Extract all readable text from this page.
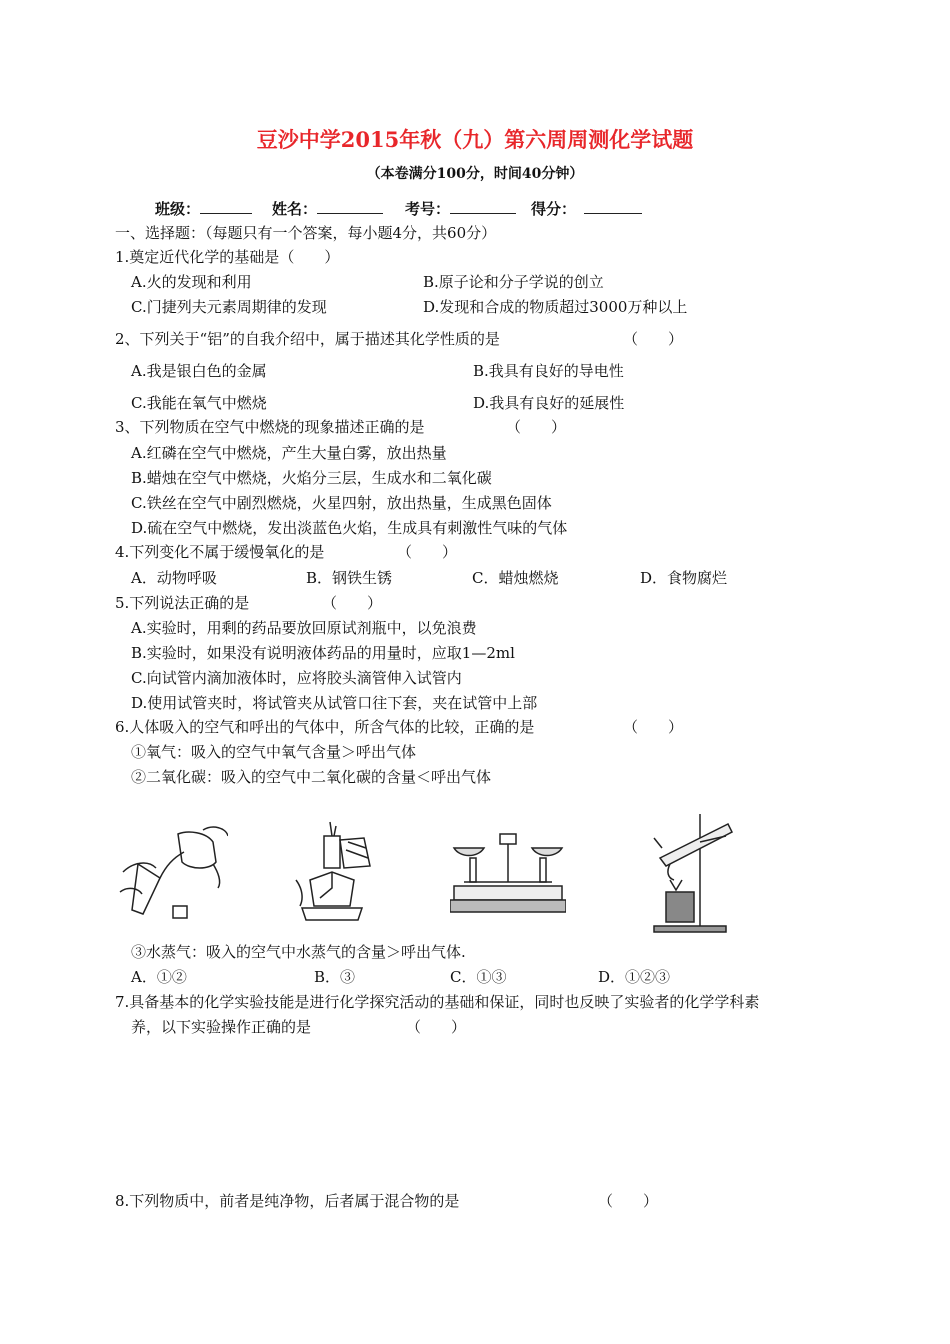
豆沙中学2015年秋（九）第六周周测化学试题
（本卷满分100分，时间40分钟）
班级：	姓名：	考号：	得分：
一、选择题：（每题只有一个答案，每小题4分，共60分）
1.奠定近代化学的基础是（　　）
A.火的发现和利用	B.原子论和分子学说的创立
C.门捷列夫元素周期律的发现	D.发现和合成的物质超过3000万种以上
2、下列关于“铝”的自我介绍中，属于描述其化学性质的是	（　　）
A.我是银白色的金属	B.我具有良好的导电性
C.我能在氧气中燃烧	D.我具有良好的延展性
3、下列物质在空气中燃烧的现象描述正确的是	（　　）
A.红磷在空气中燃烧，产生大量白雾，放出热量
B.蜡烛在空气中燃烧，火焰分三层，生成水和二氧化碳
C.铁丝在空气中剧烈燃烧，火星四射，放出热量，生成黑色固体
D.硫在空气中燃烧，发出淡蓝色火焰，生成具有刺激性气味的气体
4.下列变化不属于缓慢氧化的是	（　　）
A．动物呼吸	B．钢铁生锈	C．蜡烛燃烧	D．食物腐烂
5.下列说法正确的是	（　　）
A.实验时，用剩的药品要放回原试剂瓶中，以免浪费
B.实验时，如果没有说明液体药品的用量时，应取1—2ml
C.向试管内滴加液体时，应将胶头滴管伸入试管内
D.使用试管夹时，将试管夹从试管口往下套，夹在试管中上部
6.人体吸入的空气和呼出的气体中，所含气体的比较，正确的是	（　　）
①氧气：吸入的空气中氧气含量＞呼出气体
②二氧化碳：吸入的空气中二氧化碳的含量＜呼出气体
③水蒸气：吸入的空气中水蒸气的含量＞呼出气体.
A．①②	B．③	C．①③	D．①②③
7.具备基本的化学实验技能是进行化学探究活动的基础和保证，同时也反映了实验者的化学学科素
养，以下实验操作正确的是	（　　）
8.下列物质中，前者是纯净物，后者属于混合物的是	（　　）
